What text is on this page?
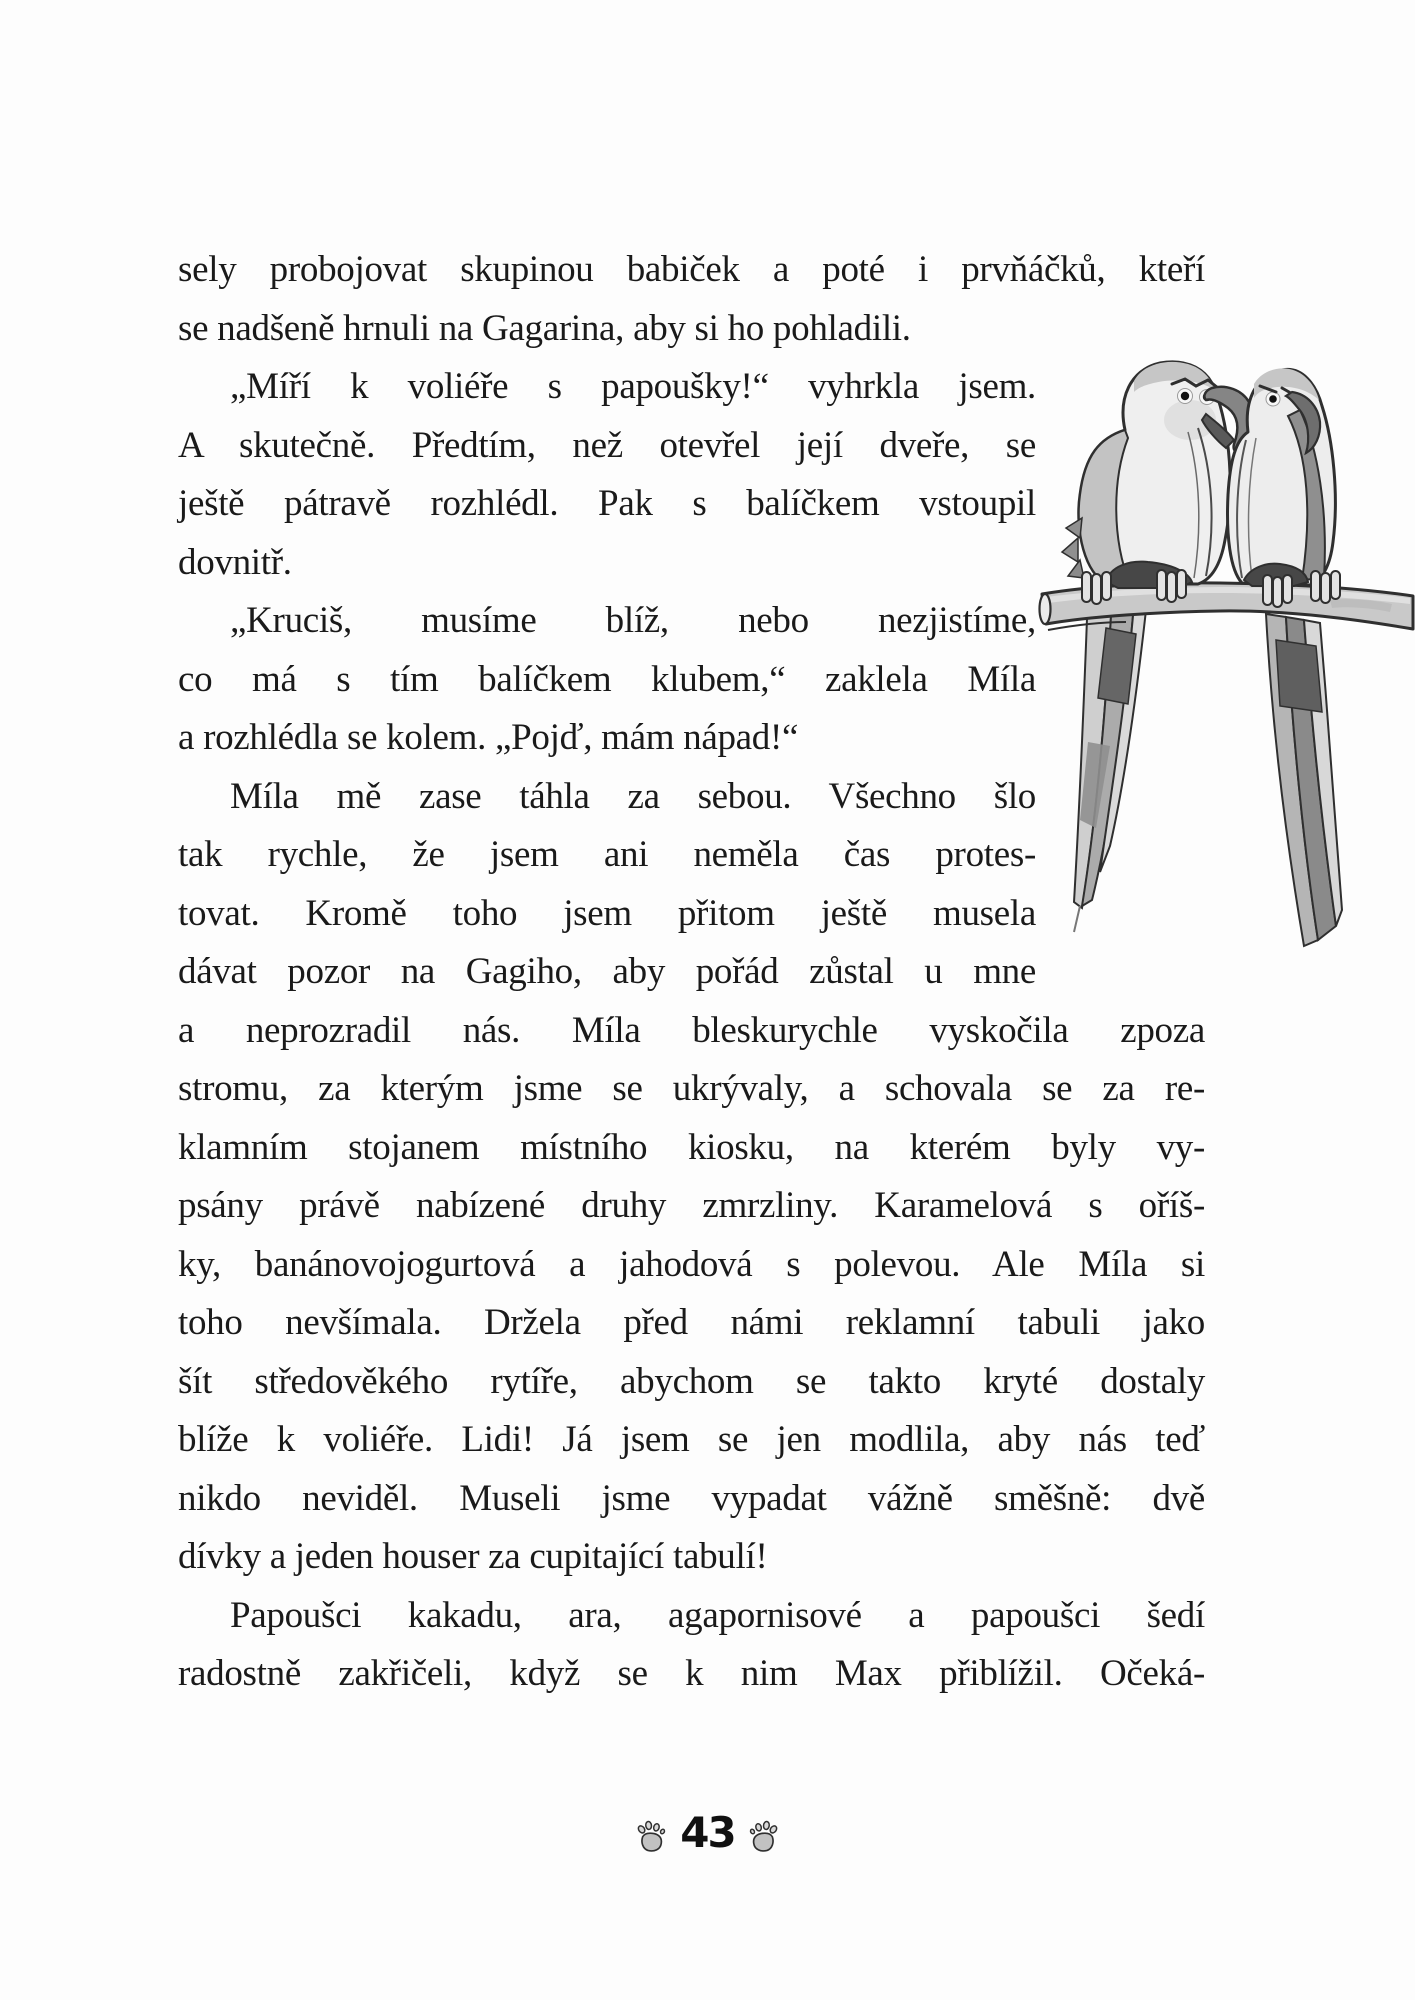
sely probojovat skupinou babiček a poté i prvňáčků, kteří
se nadšeně hrnuli na Gagarina, aby si ho pohladili.
„Míří k voliéře s papoušky!“ vyhrkla jsem.
A skutečně. Předtím, než otevřel její dveře, se
ještě pátravě rozhlédl. Pak s balíčkem vstoupil
dovnitř.
„Kruciš, musíme blíž, nebo nezjistíme,
co má s tím balíčkem klubem,“ zaklela Míla
a rozhlédla se kolem. „Pojď, mám nápad!“
Míla mě zase táhla za sebou. Všechno šlo
tak rychle, že jsem ani neměla čas protes-
tovat. Kromě toho jsem přitom ještě musela
dávat pozor na Gagiho, aby pořád zůstal u mne
a neprozradil nás. Míla bleskurychle vyskočila zpoza
stromu, za kterým jsme se ukrývaly, a schovala se za re-
klamním stojanem místního kiosku, na kterém byly vy-
psány právě nabízené druhy zmrzliny. Karamelová s oříš-
ky, banánovojogurtová a jahodová s polevou. Ale Míla si
toho nevšímala. Držela před námi reklamní tabuli jako
šít středověkého rytíře, abychom se takto kryté dostaly
blíže k voliéře. Lidi! Já jsem se jen modlila, aby nás teď
nikdo neviděl. Museli jsme vypadat vážně směšně: dvě
dívky a jeden houser za cupitající tabulí!
Papoušci kakadu, ara, agapornisové a papoušci šedí
radostně zakřičeli, když se k nim Max přiblížil. Očeká-
43
